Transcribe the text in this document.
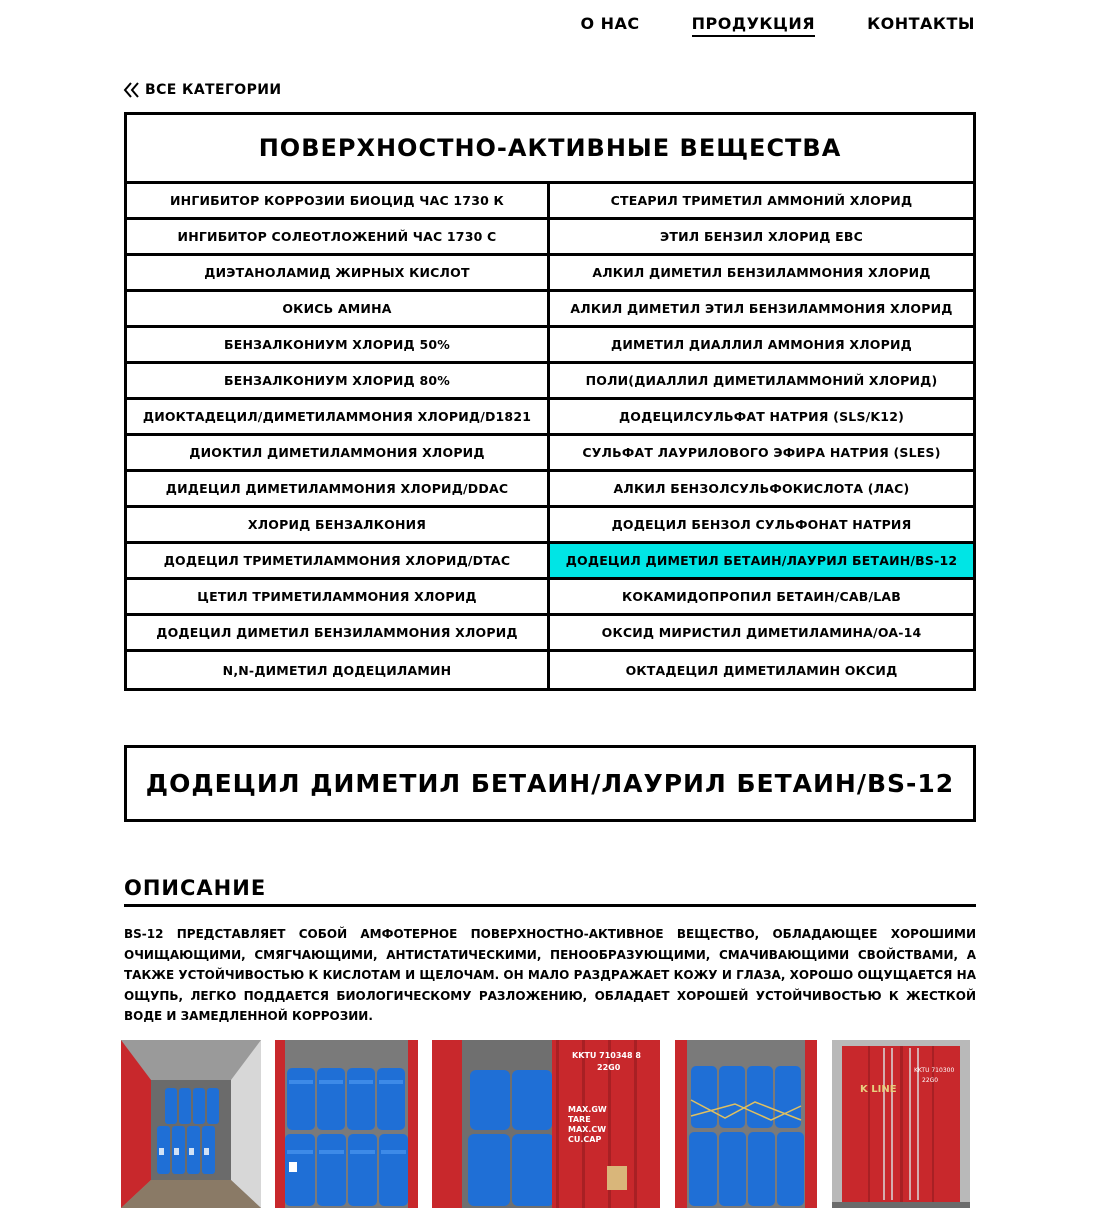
О НАС	ПРОДУКЦИЯ	КОНТАКТЫ
ВСЕ КАТЕГОРИИ
ПОВЕРХНОСТНО-АКТИВНЫЕ ВЕЩЕСТВА
ИНГИБИТОР КОРРОЗИИ БИОЦИД ЧАС 1730 К	СТЕАРИЛ ТРИМЕТИЛ АММОНИЙ ХЛОРИД
ИНГИБИТОР СОЛЕОТЛОЖЕНИЙ ЧАС 1730 С	ЭТИЛ БЕНЗИЛ ХЛОРИД EBC
ДИЭТАНОЛАМИД ЖИРНЫХ КИСЛОТ	АЛКИЛ ДИМЕТИЛ БЕНЗИЛАММОНИЯ ХЛОРИД
ОКИСЬ АМИНА	АЛКИЛ ДИМЕТИЛ ЭТИЛ БЕНЗИЛАММОНИЯ ХЛОРИД
БЕНЗАЛКОНИУМ ХЛОРИД 50%	ДИМЕТИЛ ДИАЛЛИЛ АММОНИЯ ХЛОРИД
БЕНЗАЛКОНИУМ ХЛОРИД 80%	ПОЛИ(ДИАЛЛИЛ ДИМЕТИЛАММОНИЙ ХЛОРИД)
ДИОКТАДЕЦИЛ/ДИМЕТИЛАММОНИЯ ХЛОРИД/D1821	ДОДЕЦИЛСУЛЬФАТ НАТРИЯ (SLS/K12)
ДИОКТИЛ ДИМЕТИЛАММОНИЯ ХЛОРИД	СУЛЬФАТ ЛАУРИЛОВОГО ЭФИРА НАТРИЯ (SLES)
ДИДЕЦИЛ ДИМЕТИЛАММОНИЯ ХЛОРИД/DDAC	АЛКИЛ БЕНЗОЛСУЛЬФОКИСЛОТА (ЛАС)
ХЛОРИД БЕНЗАЛКОНИЯ	ДОДЕЦИЛ БЕНЗОЛ СУЛЬФОНАТ НАТРИЯ
ДОДЕЦИЛ ТРИМЕТИЛАММОНИЯ ХЛОРИД/DTAC	ДОДЕЦИЛ ДИМЕТИЛ БЕТАИН/ЛАУРИЛ БЕТАИН/BS-12
ЦЕТИЛ ТРИМЕТИЛАММОНИЯ ХЛОРИД	КОКАМИДОПРОПИЛ БЕТАИН/CAB/LAB
ДОДЕЦИЛ ДИМЕТИЛ БЕНЗИЛАММОНИЯ ХЛОРИД	ОКСИД МИРИСТИЛ ДИМЕТИЛАМИНА/OA-14
N,N-ДИМЕТИЛ ДОДЕЦИЛАМИН	ОКТАДЕЦИЛ ДИМЕТИЛАМИН ОКСИД
ДОДЕЦИЛ ДИМЕТИЛ БЕТАИН/ЛАУРИЛ БЕТАИН/BS-12
ОПИСАНИЕ
BS-12 ПРЕДСТАВЛЯЕТ СОБОЙ АМФОТЕРНОЕ ПОВЕРХНОСТНО-АКТИВНОЕ ВЕЩЕСТВО, ОБЛАДАЮЩЕЕ ХОРОШИМИ ОЧИЩАЮЩИМИ, СМЯГЧАЮЩИМИ, АНТИСТАТИЧЕСКИМИ, ПЕНООБРАЗУЮЩИМИ, СМАЧИВАЮЩИМИ СВОЙСТВАМИ, А ТАКЖЕ УСТОЙЧИВОСТЬЮ К КИСЛОТАМ И ЩЕЛОЧАМ. ОН МАЛО РАЗДРАЖАЕТ КОЖУ И ГЛАЗА, ХОРОШО ОЩУЩАЕТСЯ НА ОЩУПЬ, ЛЕГКО ПОДДАЕТСЯ БИОЛОГИЧЕСКОМУ РАЗЛОЖЕНИЮ, ОБЛАДАЕТ ХОРОШЕЙ УСТОЙЧИВОСТЬЮ К ЖЕСТКОЙ ВОДЕ И ЗАМЕДЛЕННОЙ КОРРОЗИИ.
KKTU 710348 8
22G0
MAX.GW
TARE
MAX.CW
CU.CAP
K LINE
KKTU 710300
22G0
